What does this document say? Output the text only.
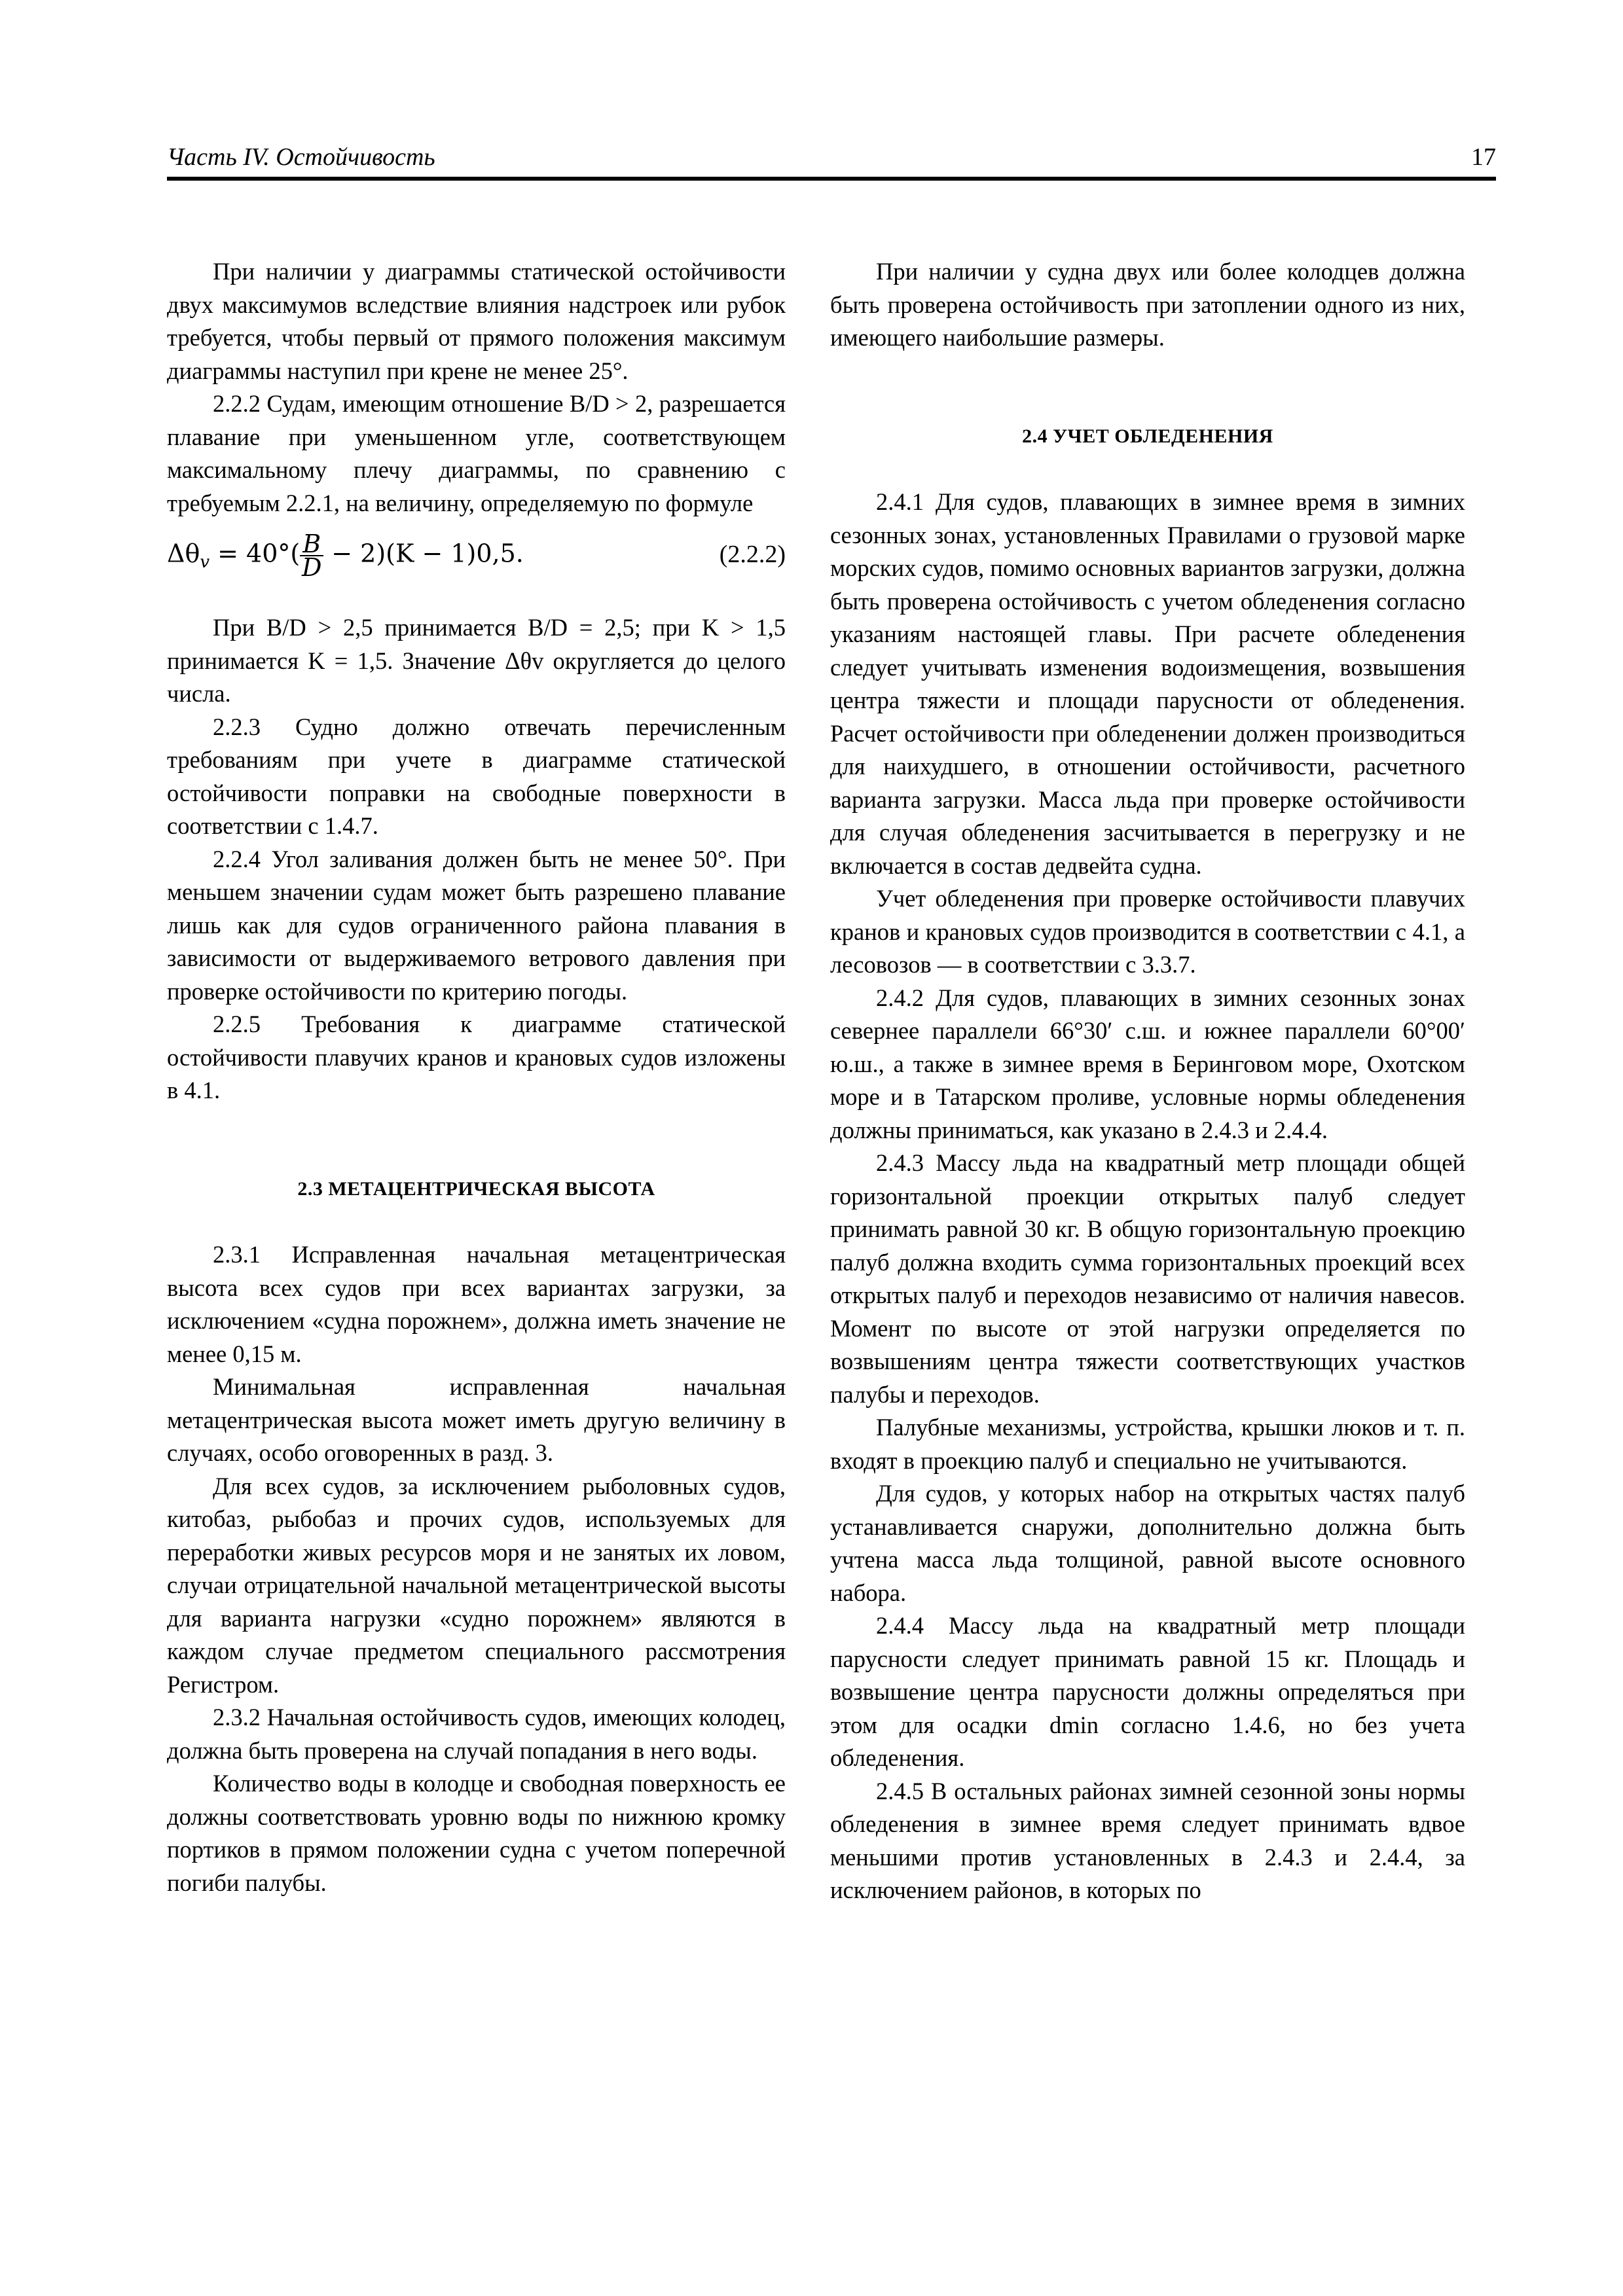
Часть IV. Остойчивость	17

При наличии у диаграммы статической остойчивости двух максимумов вследствие влияния надстроек или рубок требуется, чтобы первый от прямого положения максимум диаграммы наступил при крене не менее 25°.

2.2.2 Судам, имеющим отношение B/D > 2, разрешается плавание при уменьшенном угле, соответствующем максимальному плечу диаграммы, по сравнению с требуемым 2.2.1, на величину, определяемую по формуле

$\Delta\theta_v = 40^\circ( \frac{B}{D} - 2)(K - 1)0,5$.	(2.2.2)

При B/D > 2,5 принимается B/D = 2,5; при K > 1,5 принимается K = 1,5. Значение Δθv округляется до целого числа.

2.2.3 Судно должно отвечать перечисленным требованиям при учете в диаграмме статической остойчивости поправки на свободные поверхности в соответствии с 1.4.7.

2.2.4 Угол заливания должен быть не менее 50°. При меньшем значении судам может быть разрешено плавание лишь как для судов ограниченного района плавания в зависимости от выдерживаемого ветрового давления при проверке остойчивости по критерию погоды.

2.2.5 Требования к диаграмме статической остойчивости плавучих кранов и крановых судов изложены в 4.1.

2.3 МЕТАЦЕНТРИЧЕСКАЯ ВЫСОТА

2.3.1 Исправленная начальная метацентрическая высота всех судов при всех вариантах загрузки, за исключением «судна порожнем», должна иметь значение не менее 0,15 м.

Минимальная исправленная начальная метацентрическая высота может иметь другую величину в случаях, особо оговоренных в разд. 3.

Для всех судов, за исключением рыболовных судов, китобаз, рыбобаз и прочих судов, используемых для переработки живых ресурсов моря и не занятых их ловом, случаи отрицательной начальной метацентрической высоты для варианта нагрузки «судно порожнем» являются в каждом случае предметом специального рассмотрения Регистром.

2.3.2 Начальная остойчивость судов, имеющих колодец, должна быть проверена на случай попадания в него воды.

Количество воды в колодце и свободная поверхность ее должны соответствовать уровню воды по нижнюю кромку портиков в прямом положении судна с учетом поперечной погиби палубы.

При наличии у судна двух или более колодцев должна быть проверена остойчивость при затоплении одного из них, имеющего наибольшие размеры.

2.4 УЧЕТ ОБЛЕДЕНЕНИЯ

2.4.1 Для судов, плавающих в зимнее время в зимних сезонных зонах, установленных Правилами о грузовой марке морских судов, помимо основных вариантов загрузки, должна быть проверена остойчивость с учетом обледенения согласно указаниям настоящей главы. При расчете обледенения следует учитывать изменения водоизмещения, возвышения центра тяжести и площади парусности от обледенения. Расчет остойчивости при обледенении должен производиться для наихудшего, в отношении остойчивости, расчетного варианта загрузки. Масса льда при проверке остойчивости для случая обледенения засчитывается в перегрузку и не включается в состав дедвейта судна.

Учет обледенения при проверке остойчивости плавучих кранов и крановых судов производится в соответствии с 4.1, а лесовозов — в соответствии с 3.3.7.

2.4.2 Для судов, плавающих в зимних сезонных зонах севернее параллели 66°30′ с.ш. и южнее параллели 60°00′ ю.ш., а также в зимнее время в Беринговом море, Охотском море и в Татарском проливе, условные нормы обледенения должны приниматься, как указано в 2.4.3 и 2.4.4.

2.4.3 Массу льда на квадратный метр площади общей горизонтальной проекции открытых палуб следует принимать равной 30 кг. В общую горизонтальную проекцию палуб должна входить сумма горизонтальных проекций всех открытых палуб и переходов независимо от наличия навесов. Момент по высоте от этой нагрузки определяется по возвышениям центра тяжести соответствующих участков палубы и переходов.

Палубные механизмы, устройства, крышки люков и т. п. входят в проекцию палуб и специально не учитываются.

Для судов, у которых набор на открытых частях палуб устанавливается снаружи, дополнительно должна быть учтена масса льда толщиной, равной высоте основного набора.

2.4.4 Массу льда на квадратный метр площади парусности следует принимать равной 15 кг. Площадь и возвышение центра парусности должны определяться при этом для осадки dmin согласно 1.4.6, но без учета обледенения.

2.4.5 В остальных районах зимней сезонной зоны нормы обледенения в зимнее время следует принимать вдвое меньшими против установленных в 2.4.3 и 2.4.4, за исключением районов, в которых по
